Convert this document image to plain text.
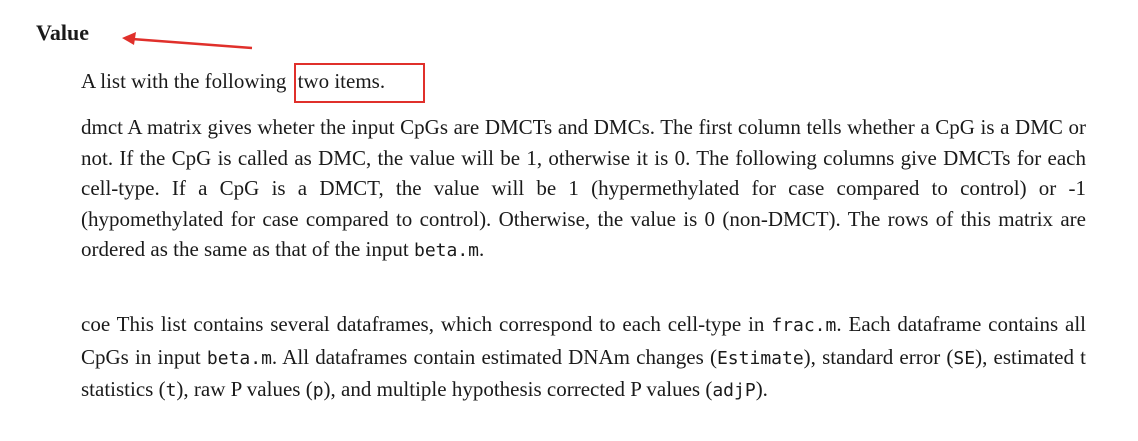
Value

A list with the following two items.

dmct A matrix gives wheter the input CpGs are DMCTs and DMCs. The first column tells whether a CpG is a DMC or not. If the CpG is called as DMC, the value will be 1, otherwise it is 0. The following columns give DMCTs for each cell-type. If a CpG is a DMCT, the value will be 1 (hypermethylated for case compared to control) or -1 (hypomethylated for case compared to control). Otherwise, the value is 0 (non-DMCT). The rows of this matrix are ordered as the same as that of the input beta.m.

coe This list contains several dataframes, which correspond to each cell-type in frac.m. Each dataframe contains all CpGs in input beta.m. All dataframes contain estimated DNAm changes (Estimate), standard error (SE), estimated t statistics (t), raw P values (p), and multiple hypothesis corrected P values (adjP).
